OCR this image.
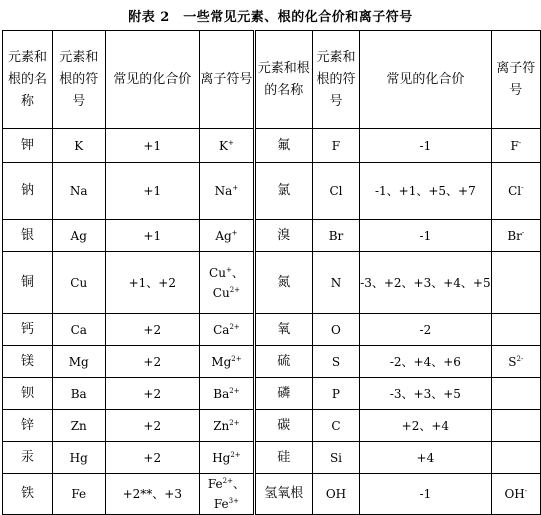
附表 2　一些常见元素、根的化合价和离子符号
元素和根的名称	元素和根的符号	常见的化合价	离子符号	元素和根的名称	元素和根的符号	常见的化合价	离子符号
钾	K	+1	K+	氟	F	-1	F-
钠	Na	+1	Na+	氯	Cl	-1、+1、+5、+7	Cl-
银	Ag	+1	Ag+	溴	Br	-1	Br-
铜	Cu	+1、+2	Cu+、$Cu^{2+}$	氮	N	-3、+2、+3、+4、+5	
钙	Ca	+2	$Ca^{2+}$	氧	O	-2	
镁	Mg	+2	$Mg^{2+}$	硫	S	-2、+4、+6	$S^{2-}$
钡	Ba	+2	$Ba^{2+}$	磷	P	-3、+3、+5	
锌	Zn	+2	$Zn^{2+}$	碳	C	+2、+4	
汞	Hg	+2	$Hg^{2+}$	硅	Si	+4	
铁	Fe	+2**、+3	$Fe^{2+}$、$Fe^{3+}$	氢氧根	OH	-1	OH-
